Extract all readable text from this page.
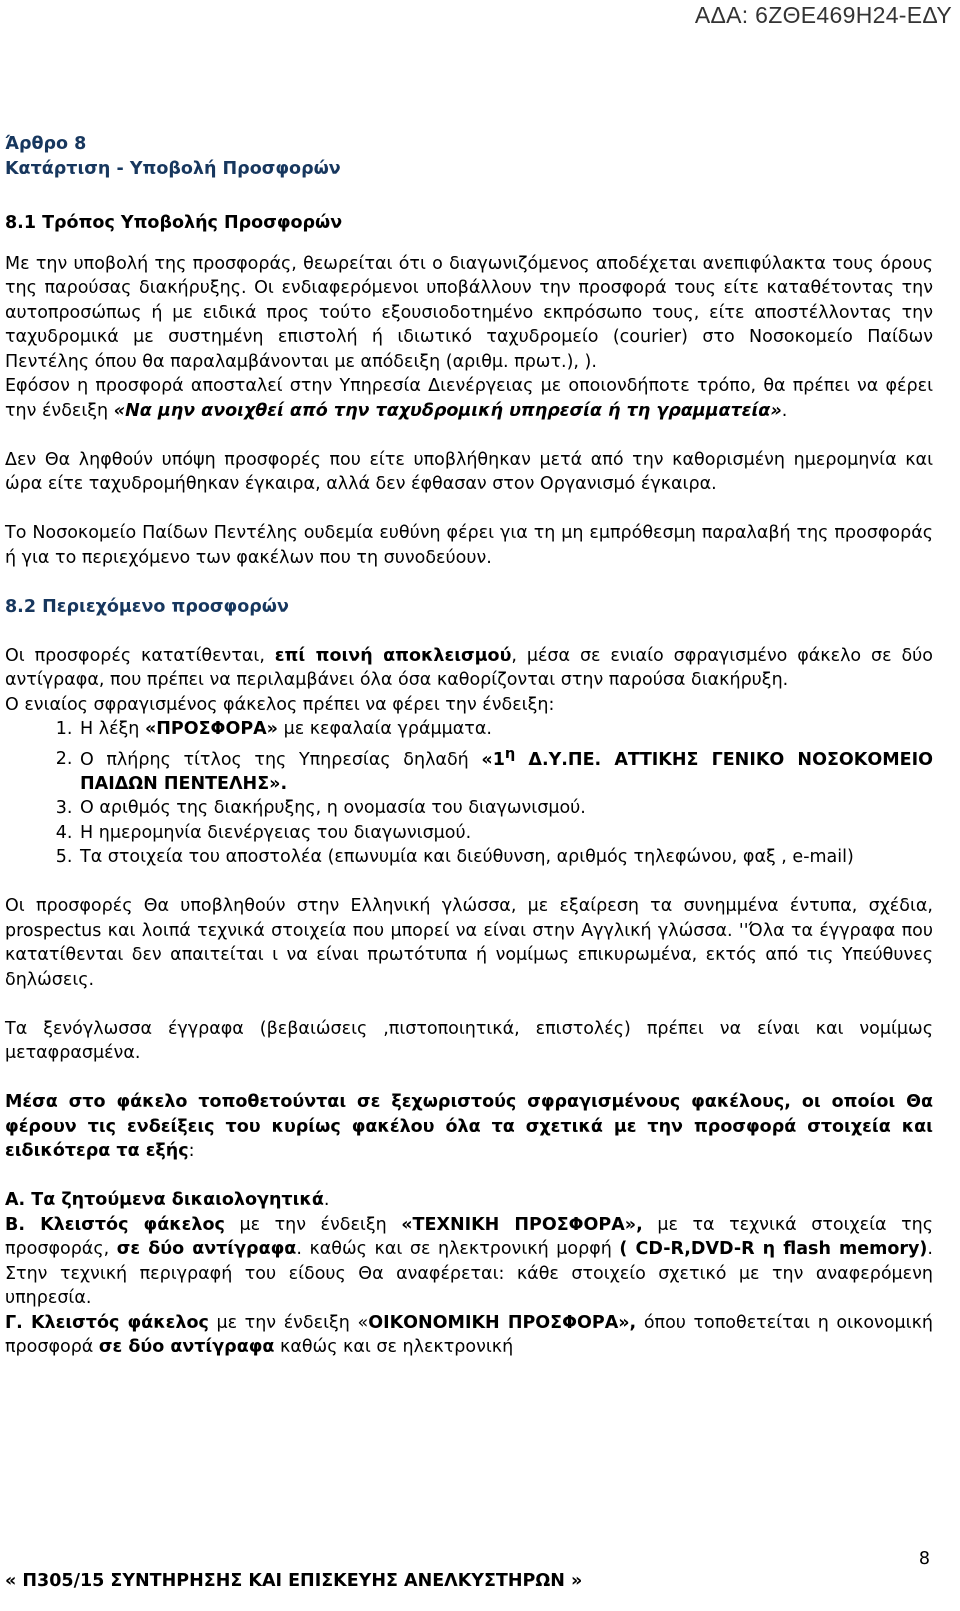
ΑΔΑ: 6ΖΘΕ469Η24-ΕΔΥ

Άρθρο 8

Κατάρτιση - Υποβολή Προσφορών

8.1 Τρόπος Υποβολής Προσφορών

Με την υποβολή της προσφοράς, θεωρείται ότι ο διαγωνιζόμενος αποδέχεται ανεπιφύλακτα τους όρους της παρούσας διακήρυξης. Οι ενδιαφερόμενοι υποβάλλουν την προσφορά τους είτε καταθέτοντας την αυτοπροσώπως ή με ειδικά προς τούτο εξουσιοδοτημένο εκπρόσωπο τους, είτε αποστέλλοντας την ταχυδρομικά με συστημένη επιστολή ή ιδιωτικό ταχυδρομείο (courier) στο Νοσοκομείο Παίδων Πεντέλης όπου θα παραλαμβάνονται με απόδειξη (αριθμ. πρωτ.), ).

Εφόσον η προσφορά αποσταλεί στην Υπηρεσία Διενέργειας με οποιονδήποτε τρόπο, θα πρέπει να φέρει την ένδειξη «Να μην ανοιχθεί από την ταχυδρομική υπηρεσία ή τη γραμματεία».

Δεν Θα ληφθούν υπόψη προσφορές που είτε υποβλήθηκαν μετά από την καθορισμένη ημερομηνία και ώρα είτε ταχυδρομήθηκαν έγκαιρα, αλλά δεν έφθασαν στον Οργανισμό έγκαιρα.

Το Νοσοκομείο Παίδων Πεντέλης ουδεμία ευθύνη φέρει για τη μη εμπρόθεσμη παραλαβή της προσφοράς ή για το περιεχόμενο των φακέλων που τη συνοδεύουν.

8.2 Περιεχόμενο προσφορών

Οι προσφορές κατατίθενται, επί ποινή αποκλεισμού, μέσα σε ενιαίο σφραγισμένο φάκελο σε δύο αντίγραφα, που πρέπει να περιλαμβάνει όλα όσα καθορίζονται στην παρούσα διακήρυξη.

Ο ενιαίος σφραγισμένος φάκελος πρέπει να φέρει την ένδειξη:

1. Η λέξη «ΠΡΟΣΦΟΡΑ» με κεφαλαία γράμματα.
2. Ο πλήρης τίτλος της Υπηρεσίας δηλαδή «$1^\eta$ Δ.Υ.ΠΕ. ΑΤΤΙΚΗΣ ΓΕΝΙΚΟ ΝΟΣΟΚΟΜΕΙΟ ΠΑΙΔΩΝ ΠΕΝΤΕΛΗΣ».
3. Ο αριθμός της διακήρυξης, η ονομασία του διαγωνισμού.
4. Η ημερομηνία διενέργειας του διαγωνισμού.
5. Τα στοιχεία του αποστολέα (επωνυμία και διεύθυνση, αριθμός τηλεφώνου, φαξ , e-mail)

Οι προσφορές Θα υποβληθούν στην Ελληνική γλώσσα, με εξαίρεση τα συνημμένα έντυπα, σχέδια, prospectus και λοιπά τεχνικά στοιχεία που μπορεί να είναι στην Αγγλική γλώσσα. ''Όλα τα έγγραφα που κατατίθενται δεν απαιτείται ι να είναι πρωτότυπα ή νομίμως επικυρωμένα, εκτός από τις Υπεύθυνες δηλώσεις.

Τα ξενόγλωσσα έγγραφα (βεβαιώσεις ,πιστοποιητικά, επιστολές) πρέπει να είναι και νομίμως μεταφρασμένα.

Μέσα στο φάκελο τοποθετούνται σε ξεχωριστούς σφραγισμένους φακέλους, οι οποίοι Θα φέρουν τις ενδείξεις του κυρίως φακέλου όλα τα σχετικά με την προσφορά στοιχεία και ειδικότερα τα εξής:

Α. Τα ζητούμενα δικαιολογητικά.

Β. Κλειστός φάκελος με την ένδειξη «ΤΕΧΝΙΚΗ ΠΡΟΣΦΟΡΑ», με τα τεχνικά στοιχεία της προσφοράς, σε δύο αντίγραφα. καθώς και σε ηλεκτρονική μορφή ( CD-R,DVD-R η flash memory). Στην τεχνική περιγραφή του είδους Θα αναφέρεται: κάθε στοιχείο σχετικό με την αναφερόμενη υπηρεσία.

Γ. Κλειστός φάκελος με την ένδειξη «ΟΙΚΟΝΟΜΙΚΗ ΠΡΟΣΦΟΡΑ», όπου τοποθετείται η οικονομική προσφορά σε δύο αντίγραφα καθώς και σε ηλεκτρονική

8
« Π305/15 ΣΥΝΤΗΡΗΣΗΣ ΚΑΙ ΕΠΙΣΚΕΥΗΣ ΑΝΕΛΚΥΣΤΗΡΩΝ »
